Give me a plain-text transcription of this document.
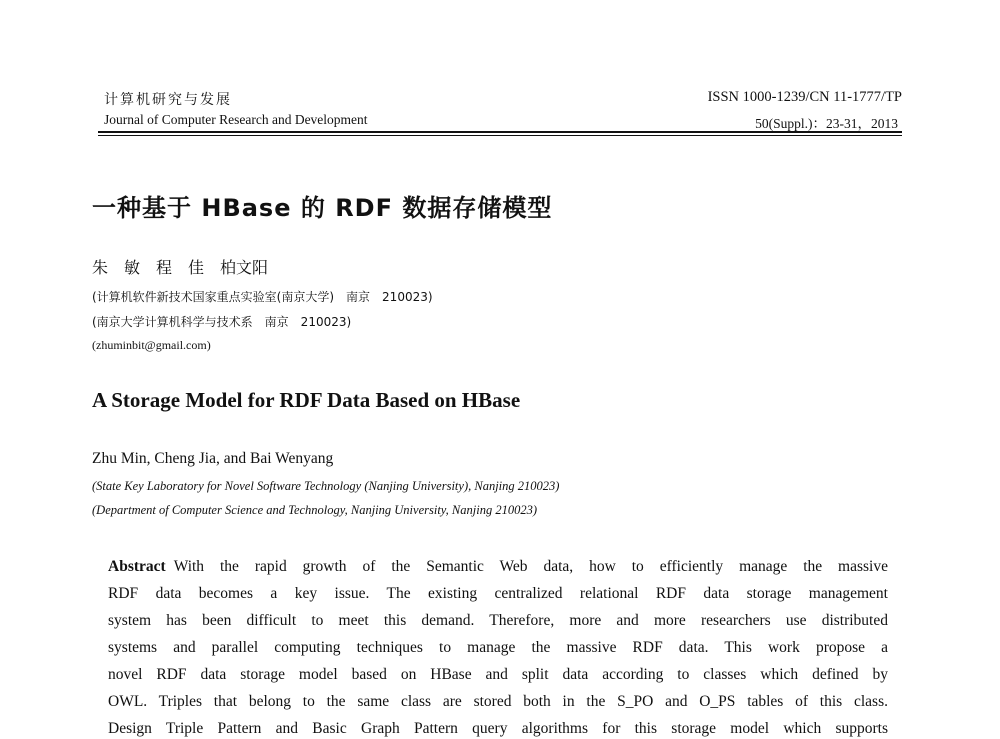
计算机研究与发展
Journal of Computer Research and Development
ISSN 1000-1239/CN 11-1777/TP
50(Suppl.)：23-31，2013
一种基于 HBase 的 RDF 数据存储模型
朱　敏　程　佳　柏文阳
(计算机软件新技术国家重点实验室(南京大学)　南京　210023)
(南京大学计算机科学与技术系　南京　210023)
(zhuminbit@gmail.com)
A Storage Model for RDF Data Based on HBase
Zhu Min, Cheng Jia, and Bai Wenyang
(State Key Laboratory for Novel Software Technology (Nanjing University), Nanjing 210023)
(Department of Computer Science and Technology, Nanjing University, Nanjing 210023)
Abstract With the rapid growth of the Semantic Web data, how to efficiently manage the massive
RDF data becomes a key issue. The existing centralized relational RDF data storage management
system has been difficult to meet this demand. Therefore, more and more researchers use distributed
systems and parallel computing techniques to manage the massive RDF data. This work propose a
novel RDF data storage model based on HBase and split data according to classes which defined by
OWL. Triples that belong to the same class are stored both in the S_PO and O_PS tables of this class.
Design Triple Pattern and Basic Graph Pattern query algorithms for this storage model which supports
